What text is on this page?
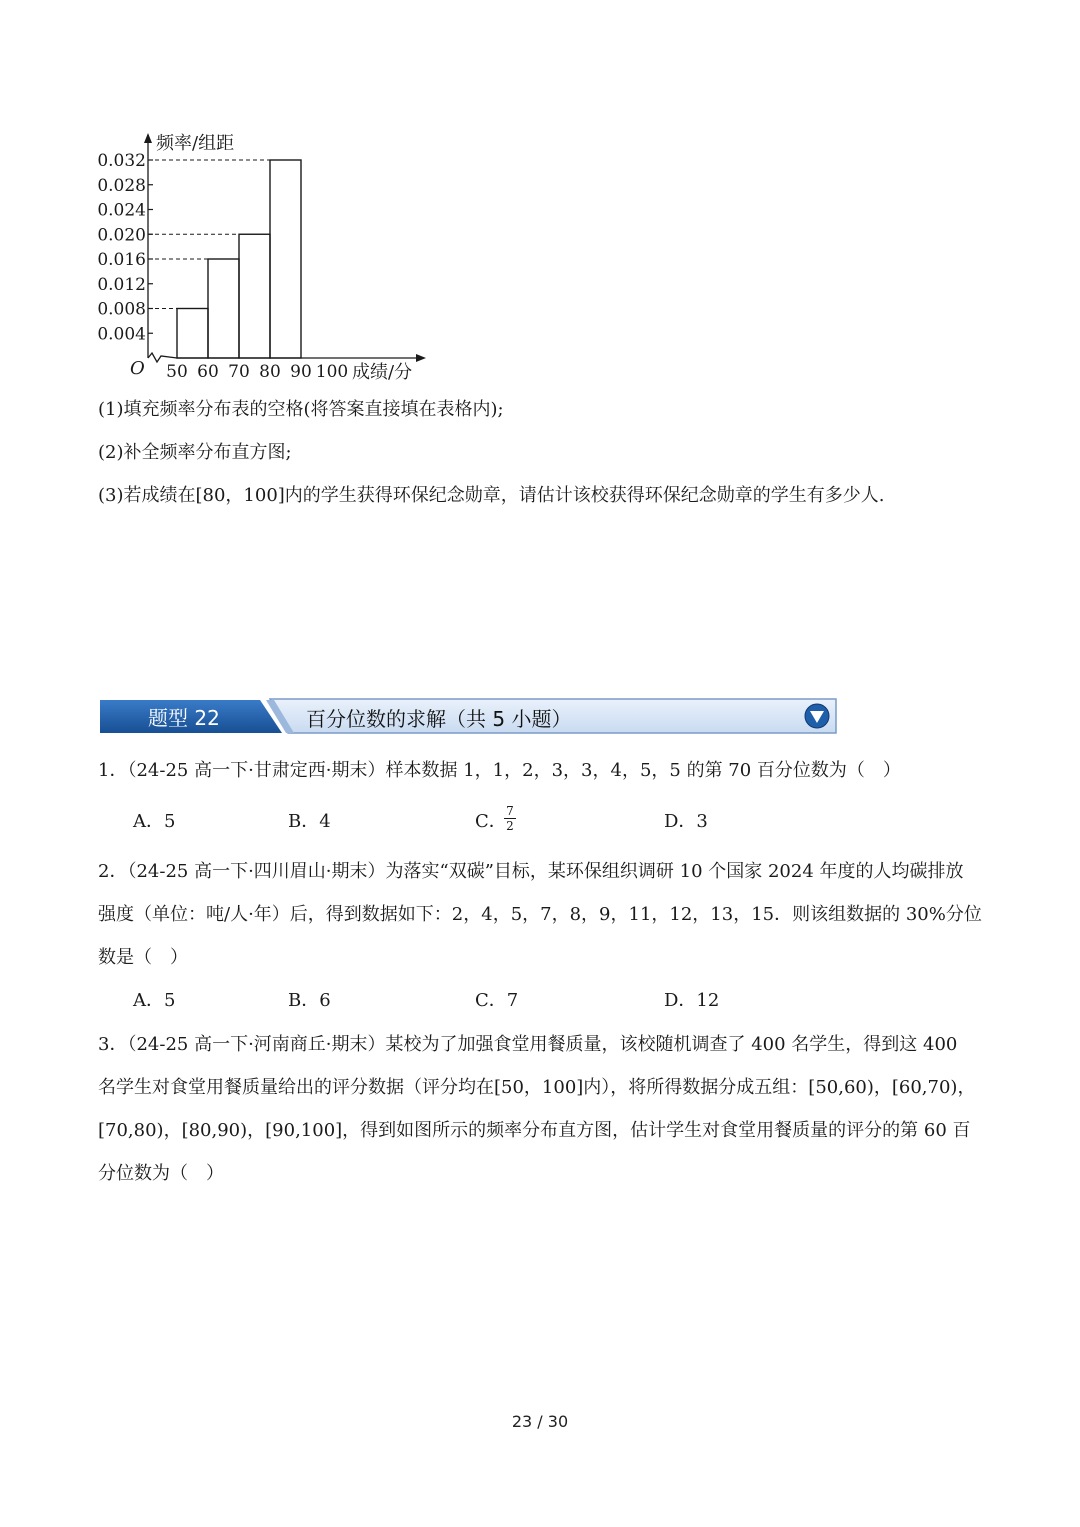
0.032
0.028
0.024
0.020
0.016
0.012
0.008
0.004
50 60 70 80 90 100
频率/组距
成绩/分
O
(1)填充频率分布表的空格(将答案直接填在表格内);
(2)补全频率分布直方图;
(3)若成绩在[80，100]内的学生获得环保纪念勋章，请估计该校获得环保纪念勋章的学生有多少人.
题型 22	百分位数的求解（共 5 小题）
1．（24-25 高一下·甘肃定西·期末）样本数据 1，1，2，3，3，4，5，5 的第 70 百分位数为（　）
A．5	B．4	C． 7
2	D．3
2．（24-25 高一下·四川眉山·期末）为落实“双碳”目标，某环保组织调研 10 个国家 2024 年度的人均碳排放
强度（单位：吨/人·年）后，得到数据如下：2，4，5，7，8，9，11，12，13，15．则该组数据的 30%分位
数是（　）
A．5	B．6	C．7	D．12
3．（24-25 高一下·河南商丘·期末）某校为了加强食堂用餐质量，该校随机调查了 400 名学生，得到这 400
名学生对食堂用餐质量给出的评分数据（评分均在[50，100]内），将所得数据分成五组：[50,60)，[60,70)，
[70,80)，[80,90)，[90,100]，得到如图所示的频率分布直方图，估计学生对食堂用餐质量的评分的第 60 百
分位数为（　）
23 / 30
